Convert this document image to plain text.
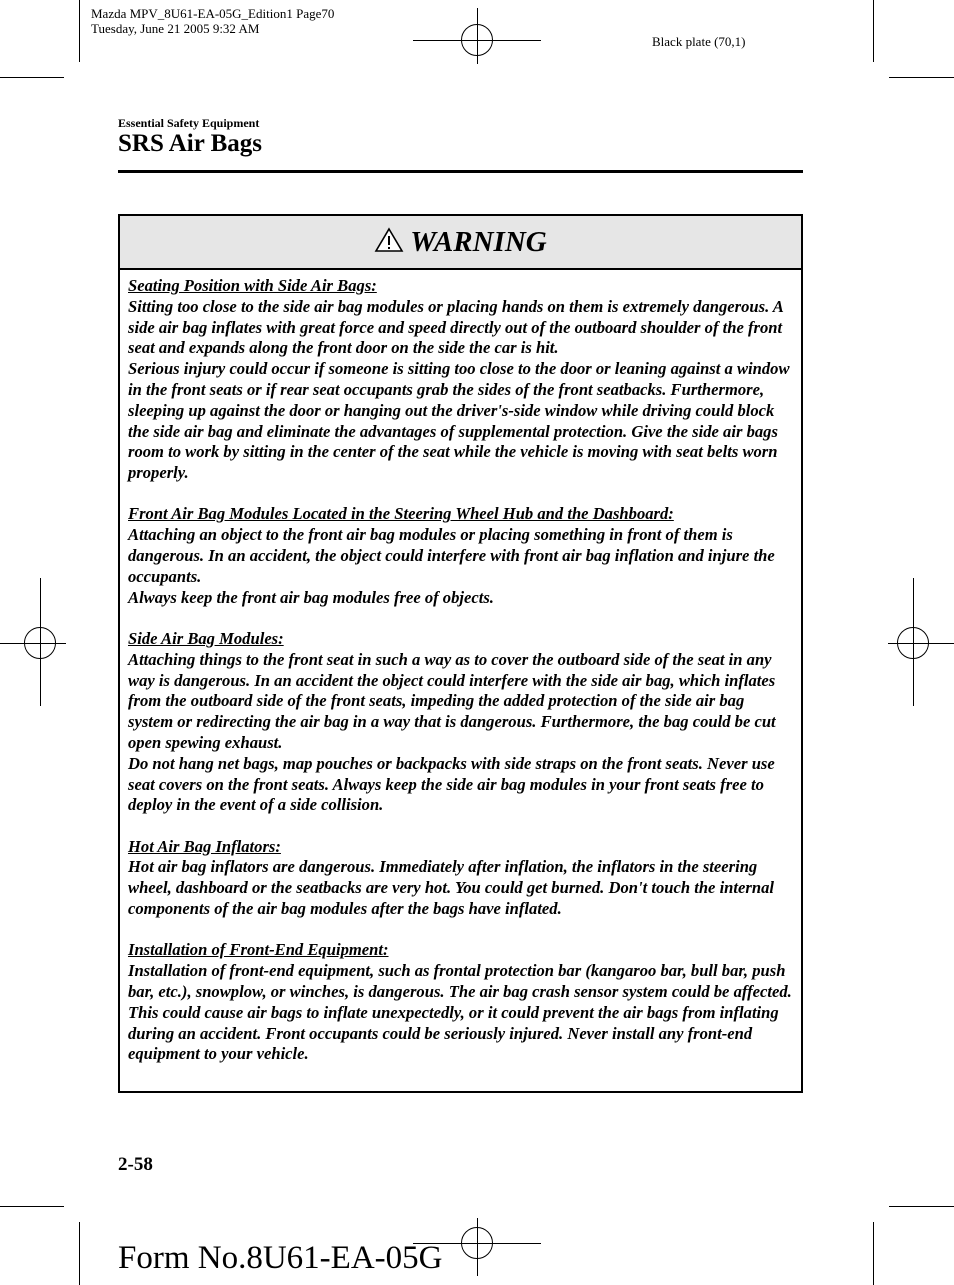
Mazda MPV_8U61-EA-05G_Edition1 Page70
Tuesday, June 21 2005 9:32 AM
Black plate (70,1)
Essential Safety Equipment
SRS Air Bags
WARNING
Seating Position with Side Air Bags:

Sitting too close to the side air bag modules or placing hands on them is extremely dangerous. A side air bag inflates with great force and speed directly out of the outboard shoulder of the front seat and expands along the front door on the side the car is hit.

Serious injury could occur if someone is sitting too close to the door or leaning against a window in the front seats or if rear seat occupants grab the sides of the front seatbacks. Furthermore, sleeping up against the door or hanging out the driver's-side window while driving could block the side air bag and eliminate the advantages of supplemental protection. Give the side air bags room to work by sitting in the center of the seat while the vehicle is moving with seat belts worn properly.

Front Air Bag Modules Located in the Steering Wheel Hub and the Dashboard:

Attaching an object to the front air bag modules or placing something in front of them is dangerous. In an accident, the object could interfere with front air bag inflation and injure the occupants.

Always keep the front air bag modules free of objects.

Side Air Bag Modules:

Attaching things to the front seat in such a way as to cover the outboard side of the seat in any way is dangerous. In an accident the object could interfere with the side air bag, which inflates from the outboard side of the front seats, impeding the added protection of the side air bag system or redirecting the air bag in a way that is dangerous. Furthermore, the bag could be cut open spewing exhaust.

Do not hang net bags, map pouches or backpacks with side straps on the front seats. Never use seat covers on the front seats. Always keep the side air bag modules in your front seats free to deploy in the event of a side collision.

Hot Air Bag Inflators:

Hot air bag inflators are dangerous. Immediately after inflation, the inflators in the steering wheel, dashboard or the seatbacks are very hot. You could get burned. Don't touch the internal components of the air bag modules after the bags have inflated.

Installation of Front-End Equipment:

Installation of front-end equipment, such as frontal protection bar (kangaroo bar, bull bar, push bar, etc.), snowplow, or winches, is dangerous. The air bag crash sensor system could be affected. This could cause air bags to inflate unexpectedly, or it could prevent the air bags from inflating during an accident. Front occupants could be seriously injured. Never install any front-end equipment to your vehicle.

2-58
Form No.8U61-EA-05G
